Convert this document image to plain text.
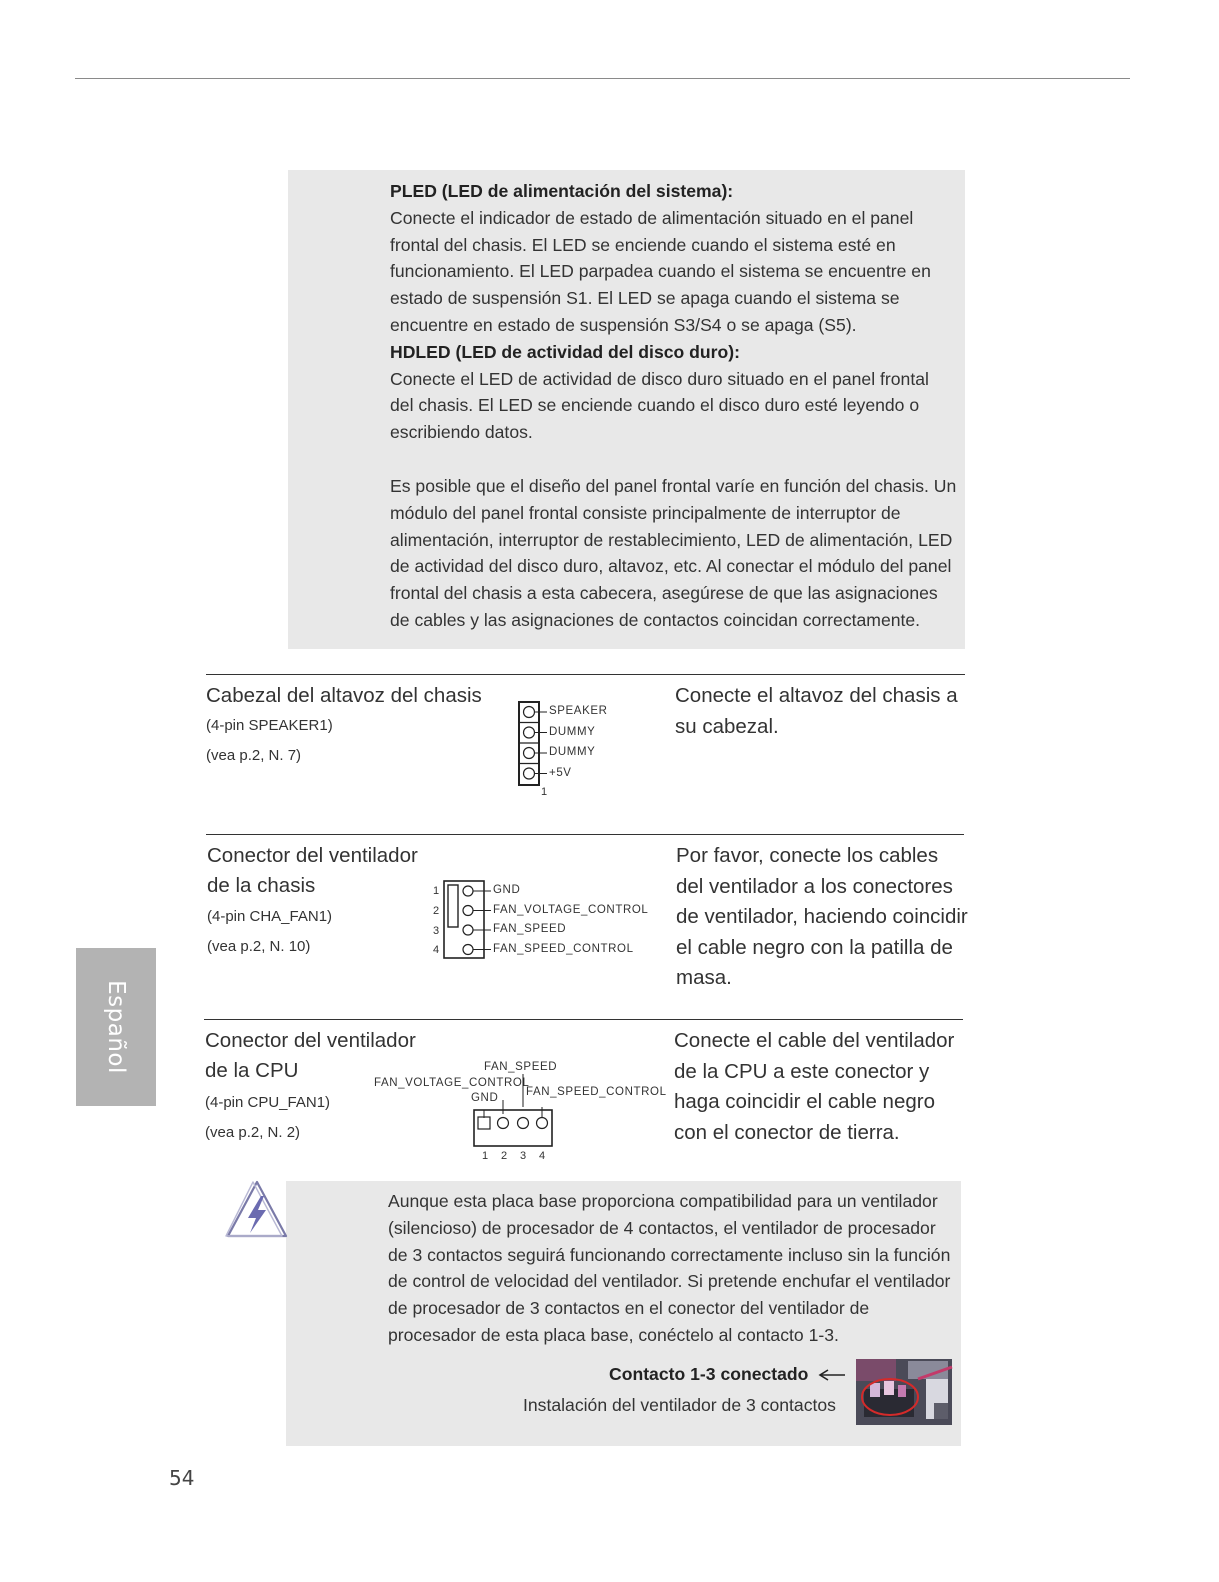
Español
PLED (LED de alimentación del sistema):
Conecte el indicador de estado de alimentación situado en el panel
frontal del chasis. El LED se enciende cuando el sistema esté en
funcionamiento. El LED parpadea cuando el sistema se encuentre en
estado de suspensión S1. El LED se apaga cuando el sistema se
encuentre en estado de suspensión S3/S4 o se apaga (S5).
HDLED (LED de actividad del disco duro):
Conecte el LED de actividad de disco duro situado en el panel frontal
del chasis. El LED se enciende cuando el disco duro esté leyendo o
escribiendo datos.
Es posible que el diseño del panel frontal varíe en función del chasis. Un
módulo del panel frontal consiste principalmente de interruptor de
alimentación, interruptor de restablecimiento, LED de alimentación, LED
de actividad del disco duro, altavoz, etc. Al conectar el módulo del panel
frontal del chasis a esta cabecera, asegúrese de que las asignaciones
de cables y las asignaciones de contactos coincidan correctamente.
Cabezal del altavoz del chasis
(4-pin SPEAKER1)
(vea p.2, N. 7)
SPEAKER
DUMMY
DUMMY
+5V
1
Conecte el altavoz del chasis a
su cabezal.
Conector del ventilador
de la chasis
(4-pin CHA_FAN1)
(vea p.2, N. 10)
1
2
3
4
GND
FAN_VOLTAGE_CONTROL
FAN_SPEED
FAN_SPEED_CONTROL
Por favor, conecte los cables
del ventilador a los conectores
de ventilador, haciendo coincidir
el cable negro con la patilla de
masa.
Conector del ventilador
de la CPU
(4-pin CPU_FAN1)
(vea p.2, N. 2)
FAN_SPEED
FAN_VOLTAGE_CONTROL
GND FAN_SPEED_CONTROL
1 2 3 4
Conecte el cable del ventilador
de la CPU a este conector y
haga coincidir el cable negro
con el conector de tierra.
Aunque esta placa base proporciona compatibilidad para un ventilador
(silencioso) de procesador de 4 contactos, el ventilador de procesador
de 3 contactos seguirá funcionando correctamente incluso sin la función
de control de velocidad del ventilador. Si pretende enchufar el ventilador
de procesador de 3 contactos en el conector del ventilador de
procesador de esta placa base, conéctelo al contacto 1-3.
Contacto 1-3 conectado
Instalación del ventilador de 3 contactos
54
